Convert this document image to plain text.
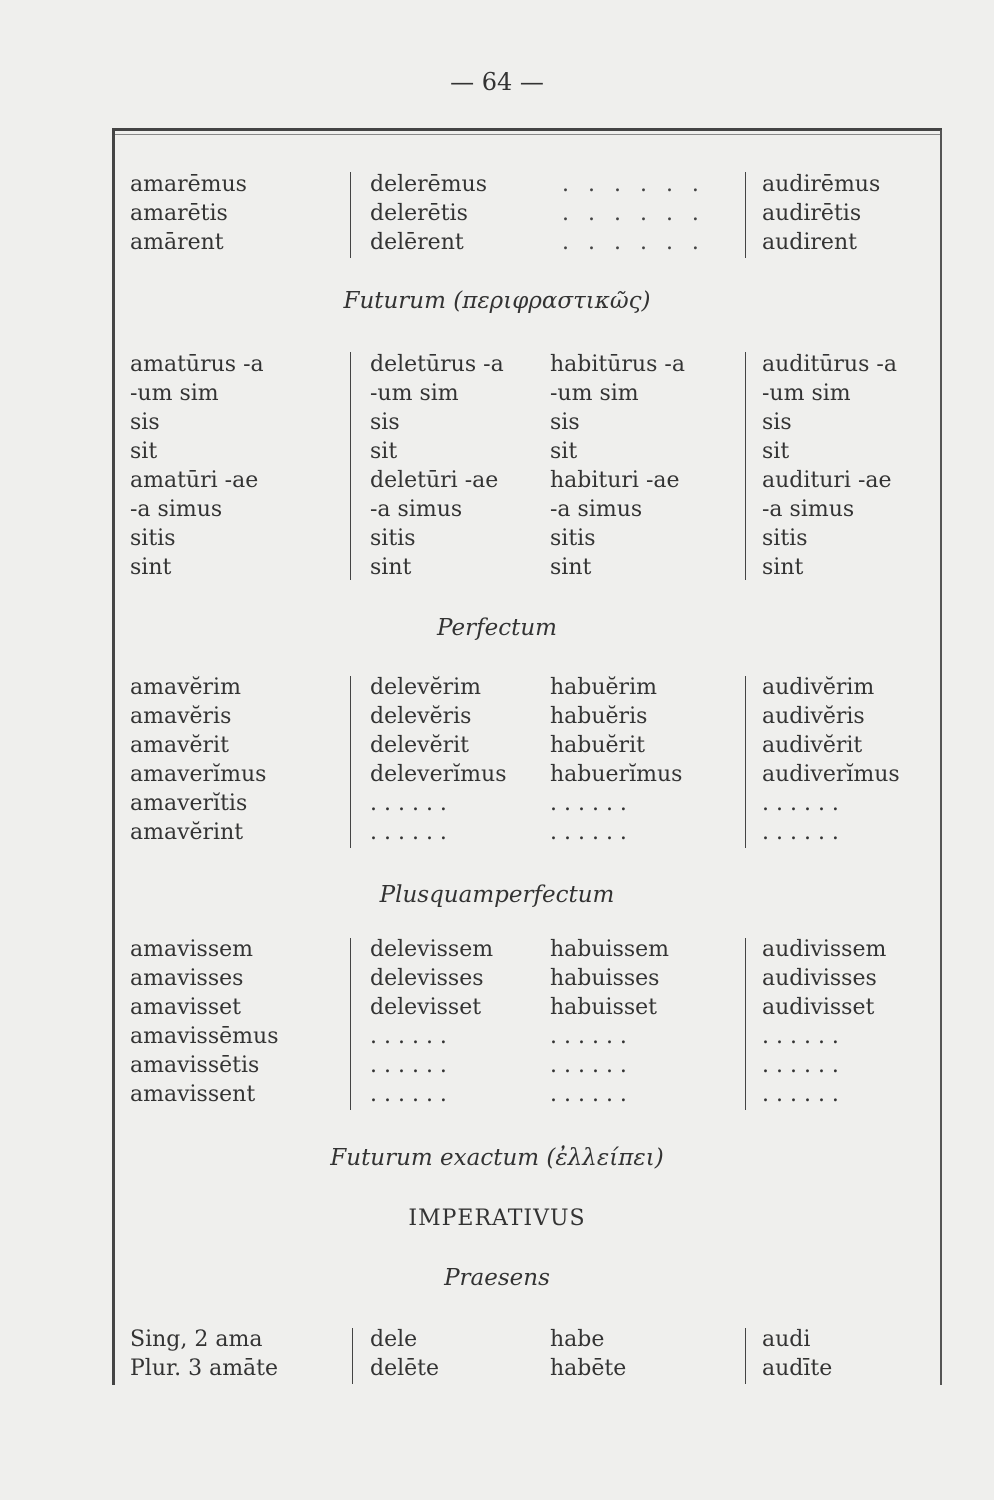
— 64 —
amarēmus
amarētis
amārent
delerēmus
delerētis
delērent
. . . . . .
. . . . . .
. . . . . .
audirēmus
audirētis
audirent
Futurum (περιφραστικῶς)
amatūrus -a
-um sim
sis
sit
amatūri -ae
-a simus
sitis
sint
deletūrus -a
-um sim
sis
sit
deletūri -ae
-a simus
sitis
sint
habitūrus -a
-um sim
sis
sit
habituri -ae
-a simus
sitis
sint
auditūrus -a
-um sim
sis
sit
audituri -ae
-a simus
sitis
sint
Perfectum
amavĕrim
amavĕris
amavĕrit
amaverĭmus
amaverĭtis
amavĕrint
delevĕrim
delevĕris
delevĕrit
deleverĭmus
. . . . . .
. . . . . .
habuĕrim
habuĕris
habuĕrit
habuerĭmus
. . . . . .
. . . . . .
audivĕrim
audivĕris
audivĕrit
audiverĭmus
. . . . . .
. . . . . .
Plusquamperfectum
amavissem
amavisses
amavisset
amavissēmus
amavissētis
amavissent
delevissem
delevisses
delevisset
. . . . . .
. . . . . .
. . . . . .
habuissem
habuisses
habuisset
. . . . . .
. . . . . .
. . . . . .
audivissem
audivisses
audivisset
. . . . . .
. . . . . .
. . . . . .
Futurum exactum (ἐλλείπει)
IMPERATIVUS
Praesens
Sing, 2 ama
Plur. 3 amāte
dele
delēte
habe
habēte
audi
audīte
